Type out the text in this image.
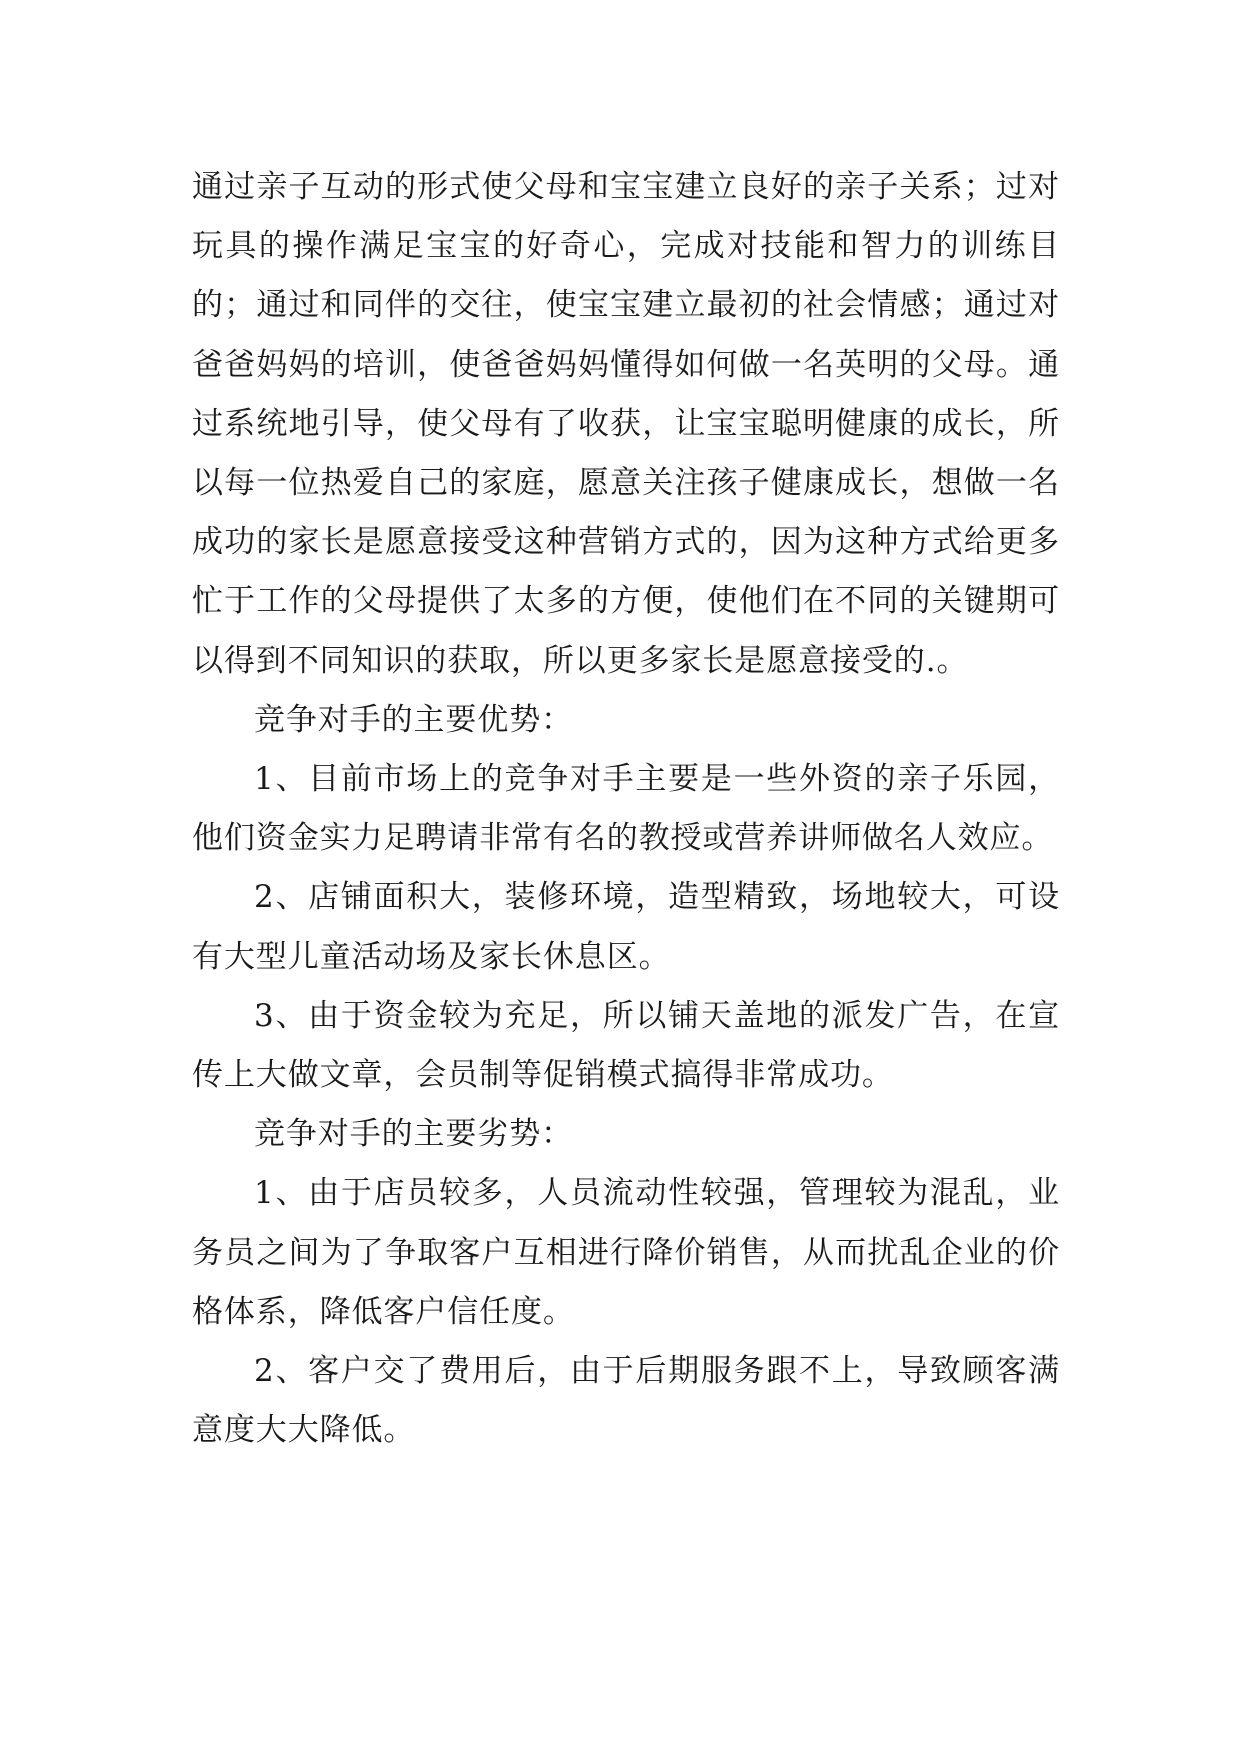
通过亲子互动的形式使父母和宝宝建立良好的亲子关系；过对玩具的操作满足宝宝的好奇心，完成对技能和智力的训练目的；通过和同伴的交往，使宝宝建立最初的社会情感；通过对爸爸妈妈的培训，使爸爸妈妈懂得如何做一名英明的父母。通过系统地引导，使父母有了收获，让宝宝聪明健康的成长，所以每一位热爱自己的家庭，愿意关注孩子健康成长，想做一名成功的家长是愿意接受这种营销方式的，因为这种方式给更多忙于工作的父母提供了太多的方便，使他们在不同的关键期可以得到不同知识的获取，所以更多家长是愿意接受的.。

竞争对手的主要优势：

1、目前市场上的竞争对手主要是一些外资的亲子乐园，他们资金实力足聘请非常有名的教授或营养讲师做名人效应。

2、店铺面积大，装修环境，造型精致，场地较大，可设有大型儿童活动场及家长休息区。

3、由于资金较为充足，所以铺天盖地的派发广告，在宣传上大做文章，会员制等促销模式搞得非常成功。

竞争对手的主要劣势：

1、由于店员较多，人员流动性较强，管理较为混乱，业务员之间为了争取客户互相进行降价销售，从而扰乱企业的价格体系，降低客户信任度。

2、客户交了费用后，由于后期服务跟不上，导致顾客满意度大大降低。
